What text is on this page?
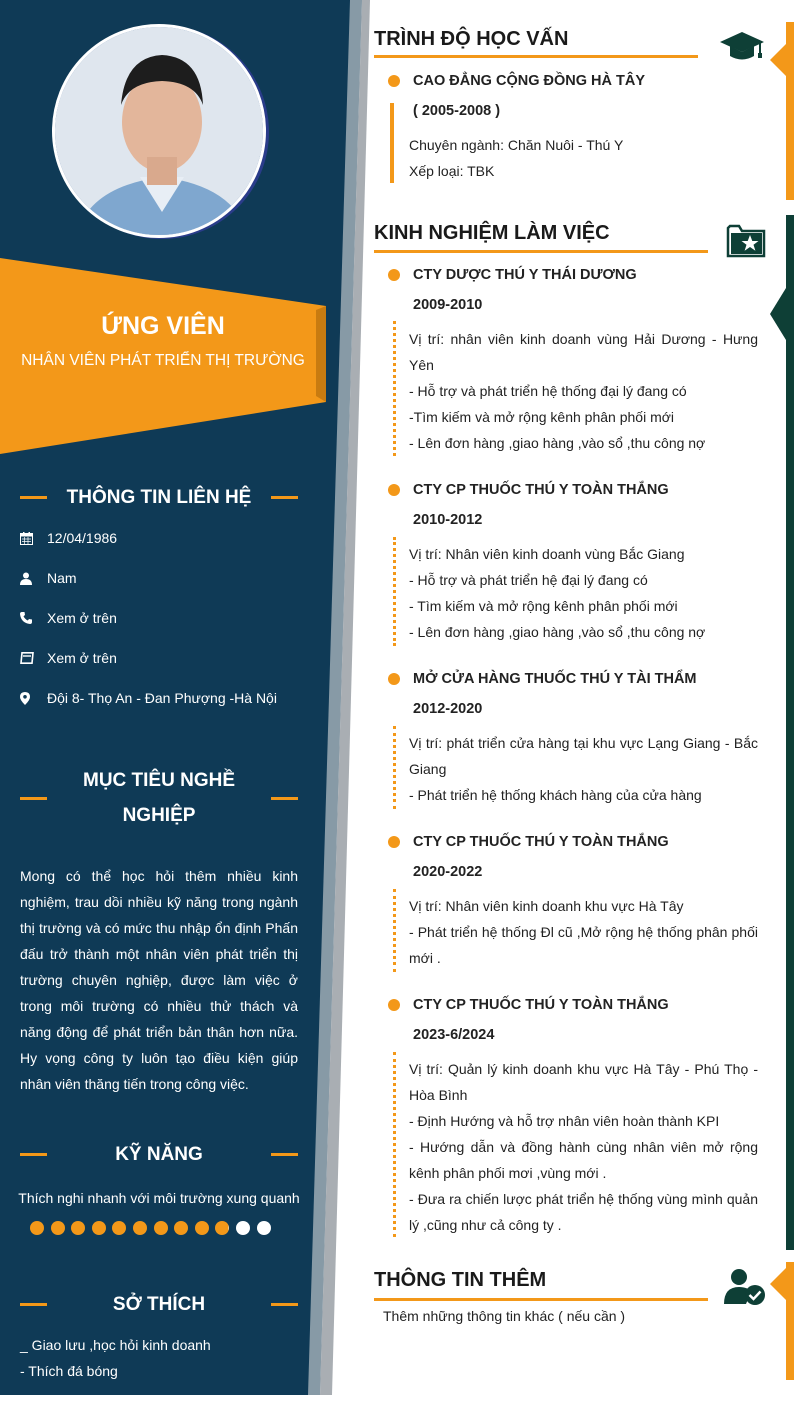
ỨNG VIÊN
NHÂN VIÊN PHÁT TRIỂN THỊ TRƯỜNG
THÔNG TIN LIÊN HỆ
12/04/1986
Nam
Xem ở trên
Xem ở trên
Đội 8- Thọ An - Đan Phượng -Hà Nội
MỤC TIÊU NGHỀ
NGHIỆP
Mong có thể học hỏi thêm nhiều kinh nghiệm, trau dồi nhiều kỹ năng trong ngành thị trường và có mức thu nhập ổn định Phấn đấu trở thành một nhân viên phát triển thị trường chuyên nghiệp, được làm việc ở trong môi trường có nhiều thử thách và năng động để phát triển bản thân hơn nữa. Hy vọng công ty luôn tạo điều kiện giúp nhân viên thăng tiến trong công việc.
KỸ NĂNG
Thích nghi nhanh với môi trường xung quanh
SỞ THÍCH
_ Giao lưu ,học hỏi kinh doanh
- Thích đá bóng
TRÌNH ĐỘ HỌC VẤN
CAO ĐẲNG CỘNG ĐỒNG HÀ TÂY
( 2005-2008 )
Chuyên ngành: Chăn Nuôi - Thú Y
Xếp loại: TBK
KINH NGHIỆM LÀM VIỆC
CTY DƯỢC THÚ Y THÁI DƯƠNG
2009-2010
Vị trí: nhân viên kinh doanh vùng Hải Dương - Hưng Yên
- Hỗ trợ và phát triển hệ thống đại lý đang có
-Tìm kiếm và mở rộng kênh phân phối mới
- Lên đơn hàng ,giao hàng ,vào sổ ,thu công nợ
CTY CP THUỐC THÚ Y TOÀN THẮNG
2010-2012
Vị trí: Nhân viên kinh doanh vùng Bắc Giang
- Hỗ trợ và phát triển hệ đại lý đang có
- Tìm kiếm và mở rộng kênh phân phối mới
- Lên đơn hàng ,giao hàng ,vào sổ ,thu công nợ
MỞ CỬA HÀNG THUỐC THÚ Y TÀI THẨM
2012-2020
Vị trí: phát triển cửa hàng tại khu vực Lạng Giang - Bắc Giang
- Phát triển hệ thống khách hàng của cửa hàng
CTY CP THUỐC THÚ Y TOÀN THẮNG
2020-2022
Vị trí: Nhân viên kinh doanh khu vực Hà Tây
- Phát triển hệ thống Đl cũ ,Mở rộng hệ thống phân phối mới .
CTY CP THUỐC THÚ Y TOÀN THẮNG
2023-6/2024
Vị trí: Quản lý kinh doanh khu vực Hà Tây - Phú Thọ - Hòa Bình
- Định Hướng và hỗ trợ nhân viên hoàn thành KPI
- Hướng dẫn và đồng hành cùng nhân viên mở rộng kênh phân phối mơi ,vùng mới .
- Đưa ra chiến lược phát triển hệ thống vùng mình quản lý ,cũng như cả công ty .
THÔNG TIN THÊM
Thêm những thông tin khác ( nếu cần )
